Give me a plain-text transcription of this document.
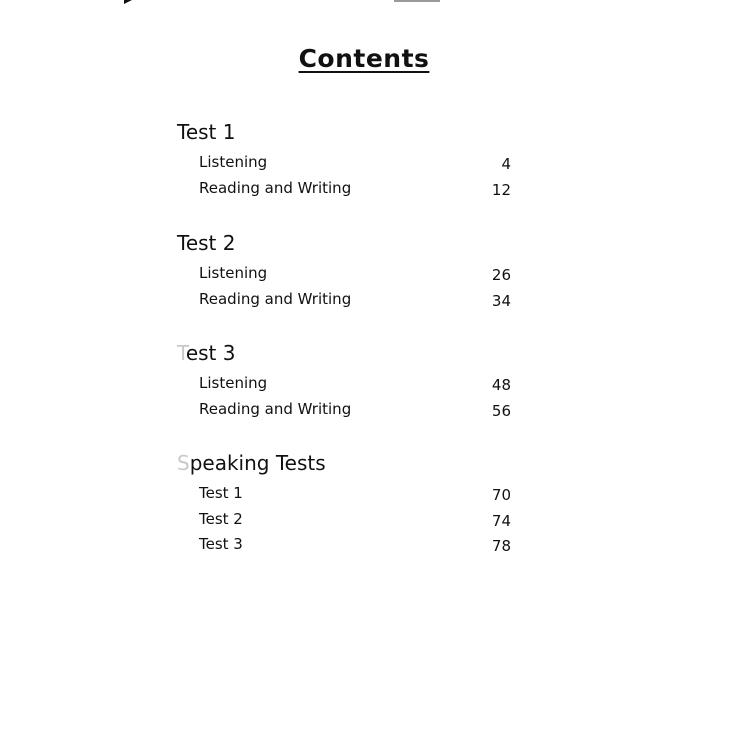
Contents
Test 1
Listening	4
Reading and Writing	12
Test 2
Listening	26
Reading and Writing	34
Test 3
Listening	48
Reading and Writing	56
Speaking Tests
Test 1	70
Test 2	74
Test 3	78
